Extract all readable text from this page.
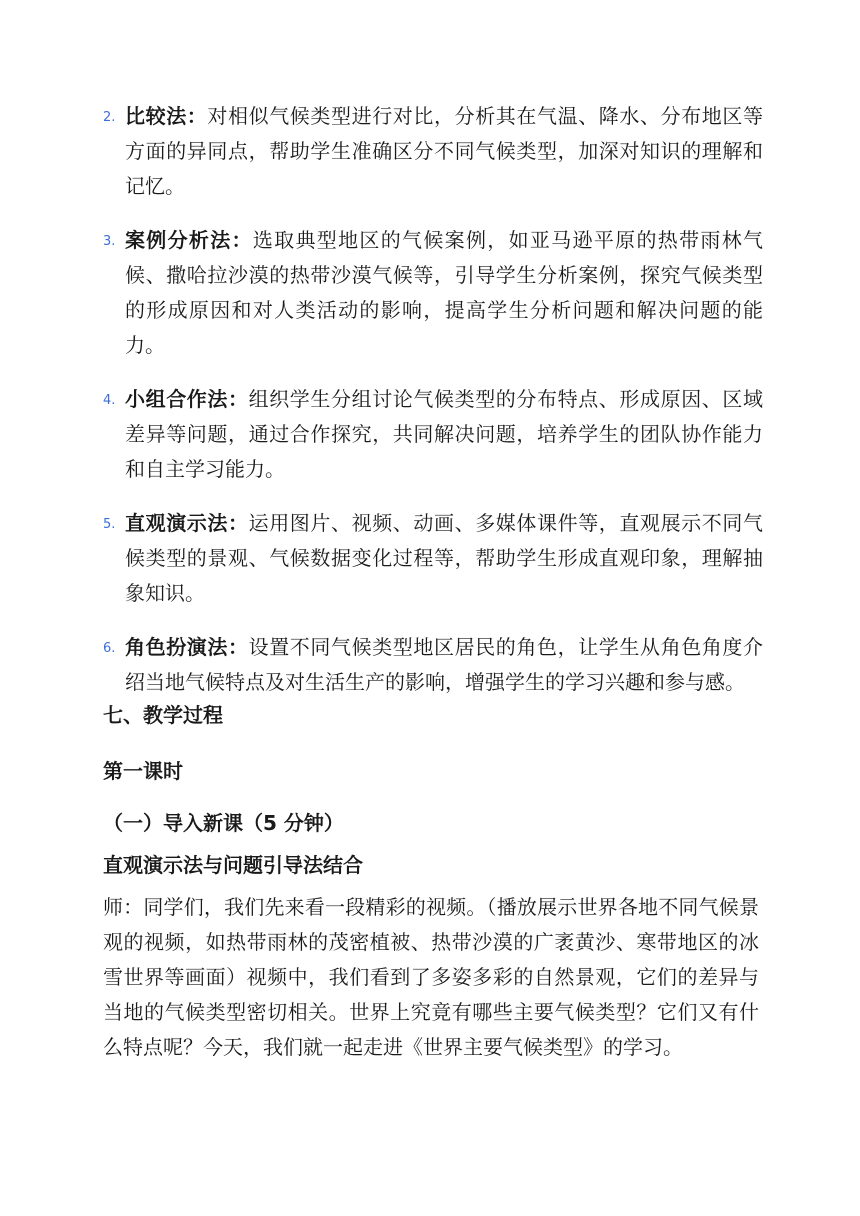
2. 比较法：对相似气候类型进行对比，分析其在气温、降水、分布地区等方面的异同点，帮助学生准确区分不同气候类型，加深对知识的理解和记忆。
3. 案例分析法：选取典型地区的气候案例，如亚马逊平原的热带雨林气候、撒哈拉沙漠的热带沙漠气候等，引导学生分析案例，探究气候类型的形成原因和对人类活动的影响，提高学生分析问题和解决问题的能力。
4. 小组合作法：组织学生分组讨论气候类型的分布特点、形成原因、区域差异等问题，通过合作探究，共同解决问题，培养学生的团队协作能力和自主学习能力。
5. 直观演示法：运用图片、视频、动画、多媒体课件等，直观展示不同气候类型的景观、气候数据变化过程等，帮助学生形成直观印象，理解抽象知识。
6. 角色扮演法：设置不同气候类型地区居民的角色，让学生从角色角度介绍当地气候特点及对生活生产的影响，增强学生的学习兴趣和参与感。
七、教学过程
第一课时
（一）导入新课（5 分钟）
直观演示法与问题引导法结合
师：同学们，我们先来看一段精彩的视频。（播放展示世界各地不同气候景观的视频，如热带雨林的茂密植被、热带沙漠的广袤黄沙、寒带地区的冰雪世界等画面）视频中，我们看到了多姿多彩的自然景观，它们的差异与当地的气候类型密切相关。世界上究竟有哪些主要气候类型？它们又有什么特点呢？今天，我们就一起走进《世界主要气候类型》的学习。
